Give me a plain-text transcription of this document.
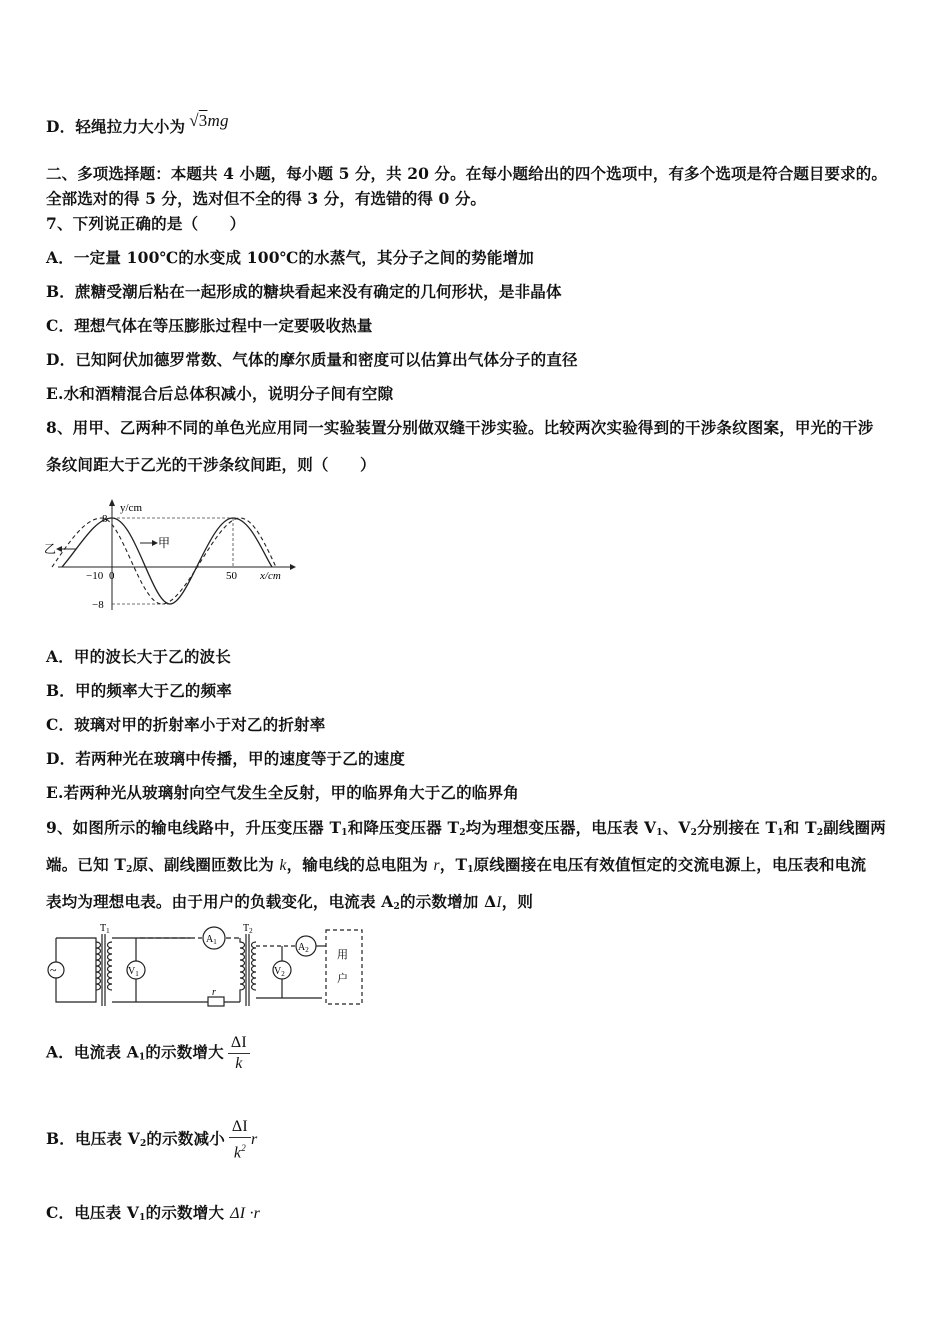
D．轻绳拉力大小为 √3mg
二、多项选择题：本题共 4 小题，每小题 5 分，共 20 分。在每小题给出的四个选项中，有多个选项是符合题目要求的。
全部选对的得 5 分，选对但不全的得 3 分，有选错的得 0 分。
7、下列说正确的是（　　）
A．一定量 100℃的水变成 100℃的水蒸气，其分子之间的势能增加
B．蔗糖受潮后粘在一起形成的糖块看起来没有确定的几何形状，是非晶体
C．理想气体在等压膨胀过程中一定要吸收热量
D．已知阿伏加德罗常数、气体的摩尔质量和密度可以估算出气体分子的直径
E.水和酒精混合后总体积减小，说明分子间有空隙
8、用甲、乙两种不同的单色光应用同一实验装置分别做双缝干涉实验。比较两次实验得到的干涉条纹图案，甲光的干涉
条纹间距大于乙光的干涉条纹间距，则（　　）
y/cm
x/cm
8
−8
−10 0	50
乙	甲
A．甲的波长大于乙的波长
B．甲的频率大于乙的频率
C．玻璃对甲的折射率小于对乙的折射率
D．若两种光在玻璃中传播，甲的速度等于乙的速度
E.若两种光从玻璃射向空气发生全反射，甲的临界角大于乙的临界角
9、如图所示的输电线路中，升压变压器 $T_1$和降压变压器 $T_2$均为理想变压器，电压表 $V_1$、$V_2$分别接在 $T_1$和 $T_2$副线圈两
端。已知 $T_2$原、副线圈匝数比为 k，输电线的总电阻为 r，$T_1$原线圈接在电压有效值恒定的交流电源上，电压表和电流
表均为理想电表。由于用户的负载变化，电流表 $A_2$的示数增加 ΔI，则
~	$V_1$
$A_1$
$V_2$
$A_2$
$T_1$	$T_2$
r
用
户
A．电流表 $A_1$的示数增大 $\frac{\Delta I}{k}$
B．电压表 $V_2$的示数减小 $\frac{\Delta I}{k^2}$ r
C．电压表 $V_1$的示数增大 ΔI ·r
